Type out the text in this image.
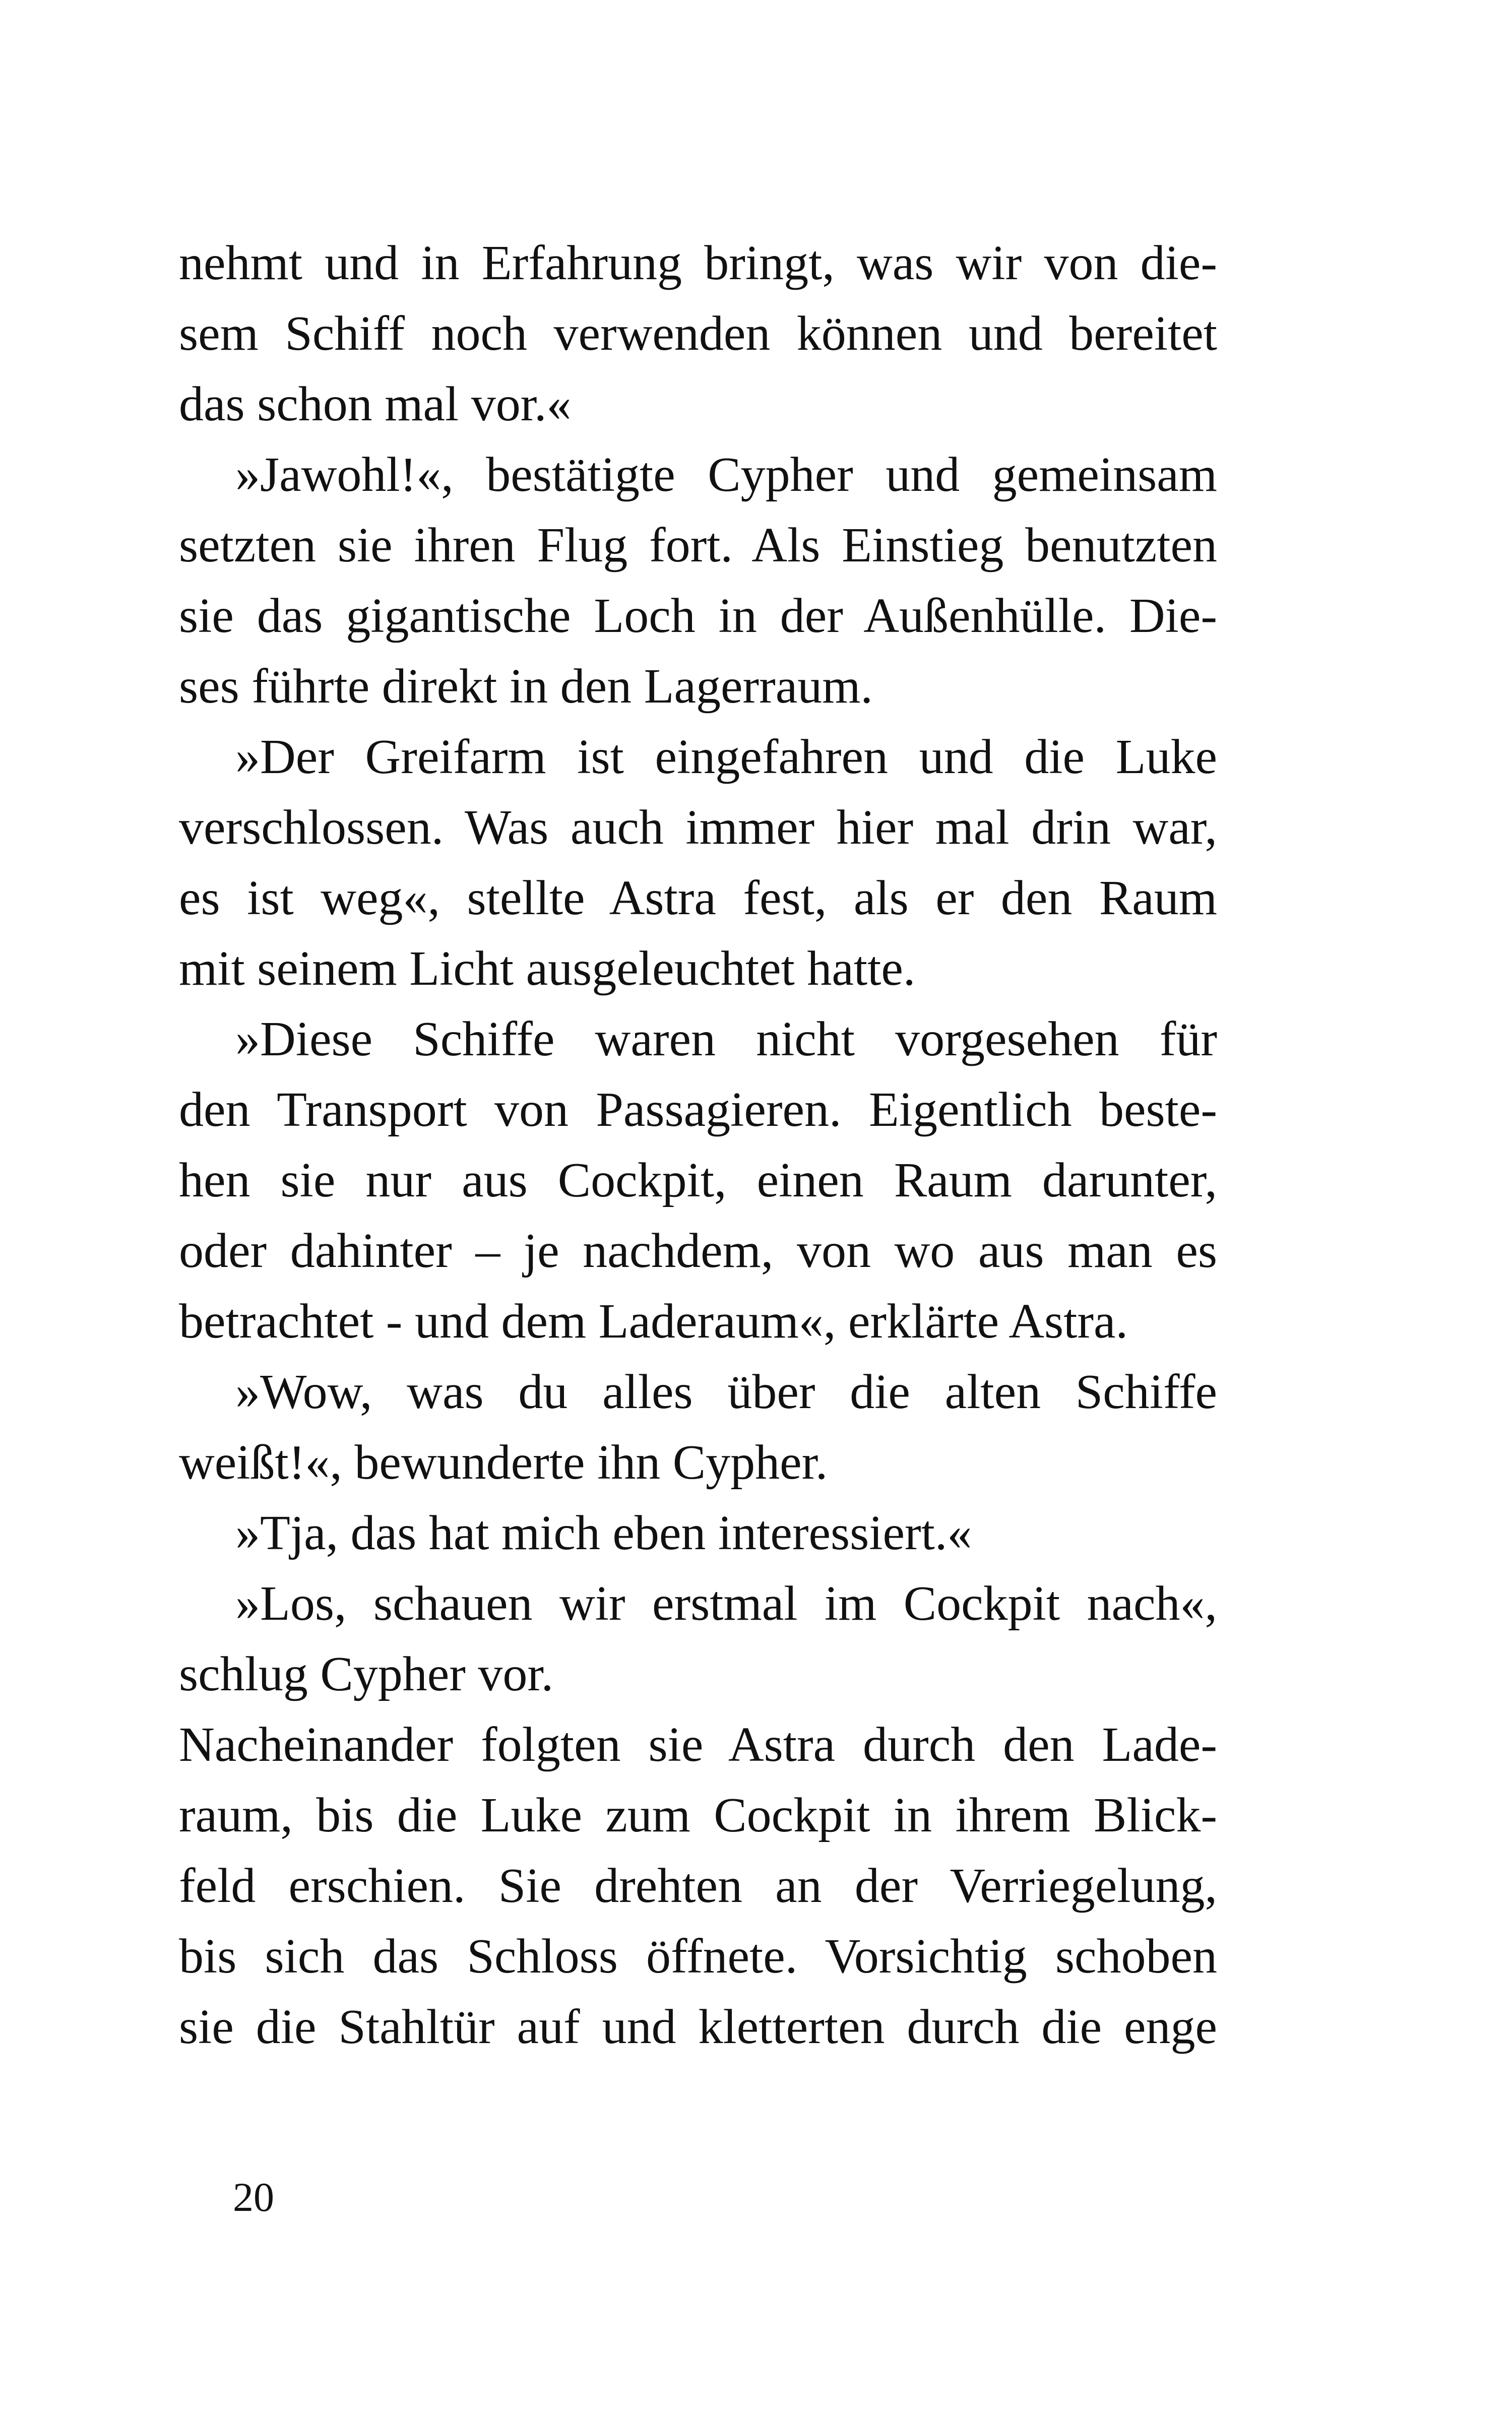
nehmt und in Erfahrung bringt, was wir von die-
sem Schiff noch verwenden können und bereitet
das schon mal vor.«
»Jawohl!«, bestätigte Cypher und gemeinsam
setzten sie ihren Flug fort. Als Einstieg benutzten
sie das gigantische Loch in der Außenhülle. Die-
ses führte direkt in den Lagerraum.
»Der Greifarm ist eingefahren und die Luke
verschlossen. Was auch immer hier mal drin war,
es ist weg«, stellte Astra fest, als er den Raum
mit seinem Licht ausgeleuchtet hatte.
»Diese Schiffe waren nicht vorgesehen für
den Transport von Passagieren. Eigentlich beste-
hen sie nur aus Cockpit, einen Raum darunter,
oder dahinter – je nachdem, von wo aus man es
betrachtet - und dem Laderaum«, erklärte Astra.
»Wow, was du alles über die alten Schiffe
weißt!«, bewunderte ihn Cypher.
»Tja, das hat mich eben interessiert.«
»Los, schauen wir erstmal im Cockpit nach«,
schlug Cypher vor.
Nacheinander folgten sie Astra durch den Lade-
raum, bis die Luke zum Cockpit in ihrem Blick-
feld erschien. Sie drehten an der Verriegelung,
bis sich das Schloss öffnete. Vorsichtig schoben
sie die Stahltür auf und kletterten durch die enge
20
